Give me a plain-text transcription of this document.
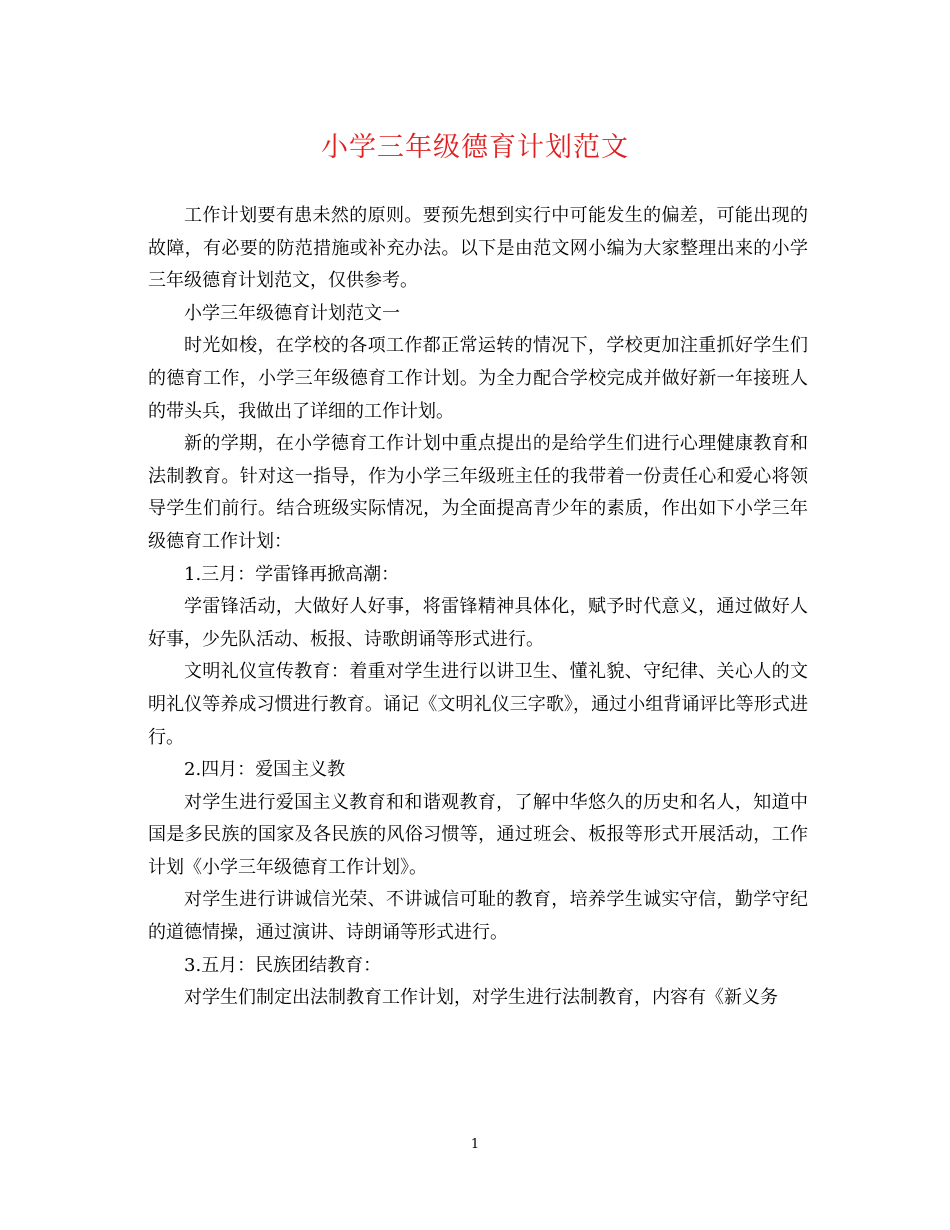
小学三年级德育计划范文

工作计划要有患未然的原则。要预先想到实行中可能发生的偏差，可能出现的故障，有必要的防范措施或补充办法。以下是由范文网小编为大家整理出来的小学三年级德育计划范文，仅供参考。

小学三年级德育计划范文一

时光如梭，在学校的各项工作都正常运转的情况下，学校更加注重抓好学生们的德育工作，小学三年级德育工作计划。为全力配合学校完成并做好新一年接班人的带头兵，我做出了详细的工作计划。

新的学期，在小学德育工作计划中重点提出的是给学生们进行心理健康教育和法制教育。针对这一指导，作为小学三年级班主任的我带着一份责任心和爱心将领导学生们前行。结合班级实际情况，为全面提高青少年的素质，作出如下小学三年级德育工作计划：

1.三月：学雷锋再掀高潮：

学雷锋活动，大做好人好事，将雷锋精神具体化，赋予时代意义，通过做好人好事，少先队活动、板报、诗歌朗诵等形式进行。

文明礼仪宣传教育：着重对学生进行以讲卫生、懂礼貌、守纪律、关心人的文明礼仪等养成习惯进行教育。诵记《文明礼仪三字歌》，通过小组背诵评比等形式进行。

2.四月：爱国主义教

对学生进行爱国主义教育和和谐观教育，了解中华悠久的历史和名人，知道中国是多民族的国家及各民族的风俗习惯等，通过班会、板报等形式开展活动，工作计划《小学三年级德育工作计划》。

对学生进行讲诚信光荣、不讲诚信可耻的教育，培养学生诚实守信，勤学守纪的道德情操，通过演讲、诗朗诵等形式进行。

3.五月：民族团结教育：

对学生们制定出法制教育工作计划，对学生进行法制教育，内容有《新义务

1
